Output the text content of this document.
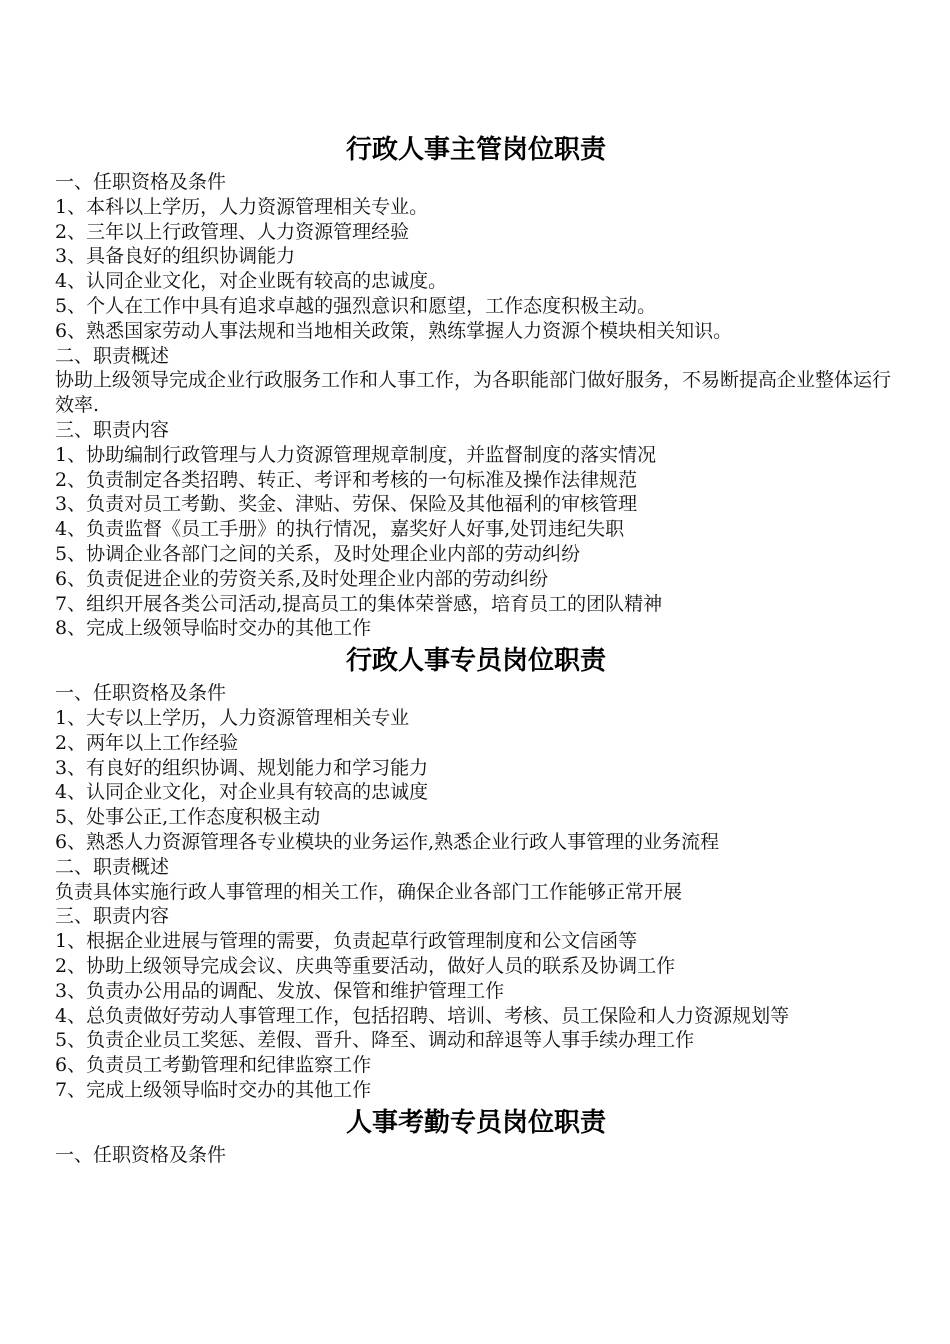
行政人事主管岗位职责

一、任职资格及条件

1、本科以上学历，人力资源管理相关专业。

2、三年以上行政管理、人力资源管理经验

3、具备良好的组织协调能力

4、认同企业文化，对企业既有较高的忠诚度。

5、个人在工作中具有追求卓越的强烈意识和愿望，工作态度积极主动。

6、熟悉国家劳动人事法规和当地相关政策，熟练掌握人力资源个模块相关知识。

二、职责概述

协助上级领导完成企业行政服务工作和人事工作，为各职能部门做好服务，不易断提高企业整体运行效率.

三、职责内容

1、协助编制行政管理与人力资源管理规章制度，并监督制度的落实情况

2、负责制定各类招聘、转正、考评和考核的一句标准及操作法律规范

3、负责对员工考勤、奖金、津贴、劳保、保险及其他福利的审核管理

4、负责监督《员工手册》的执行情况，嘉奖好人好事,处罚违纪失职

5、协调企业各部门之间的关系，及时处理企业内部的劳动纠纷

6、负责促进企业的劳资关系,及时处理企业内部的劳动纠纷

7、组织开展各类公司活动,提高员工的集体荣誉感，培育员工的团队精神

8、完成上级领导临时交办的其他工作

行政人事专员岗位职责

一、任职资格及条件

1、大专以上学历，人力资源管理相关专业

2、两年以上工作经验

3、有良好的组织协调、规划能力和学习能力

4、认同企业文化，对企业具有较高的忠诚度

5、处事公正,工作态度积极主动

6、熟悉人力资源管理各专业模块的业务运作,熟悉企业行政人事管理的业务流程

二、职责概述

负责具体实施行政人事管理的相关工作，确保企业各部门工作能够正常开展

三、职责内容

1、根据企业进展与管理的需要，负责起草行政管理制度和公文信函等

2、协助上级领导完成会议、庆典等重要活动，做好人员的联系及协调工作

3、负责办公用品的调配、发放、保管和维护管理工作

4、总负责做好劳动人事管理工作，包括招聘、培训、考核、员工保险和人力资源规划等

5、负责企业员工奖惩、差假、晋升、降至、调动和辞退等人事手续办理工作

6、负责员工考勤管理和纪律监察工作

7、完成上级领导临时交办的其他工作

人事考勤专员岗位职责

一、任职资格及条件
